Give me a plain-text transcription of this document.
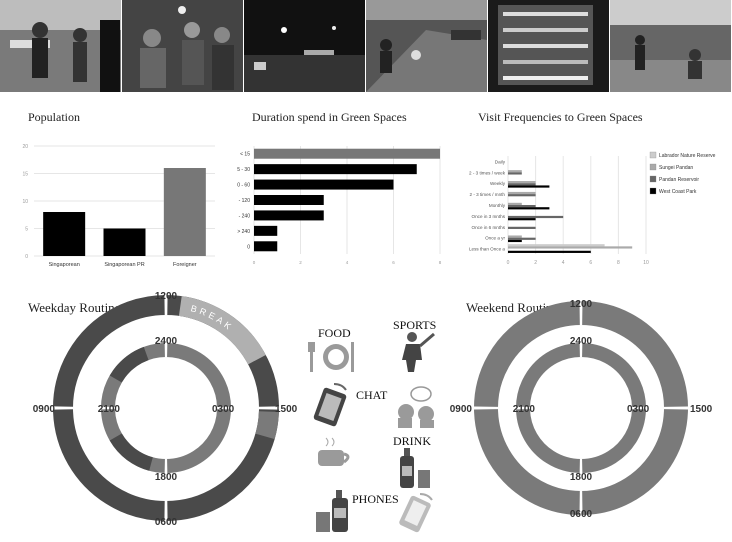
Population	Duration spend in Green Spaces	Visit Frequencies to Green Spaces
20
15
10
5
0
Singaporean	Singaporean PR	Foreigner	0	2	4	6	8
< 15
5 - 30
0 - 60
- 120
- 240
> 240
0
0	2	4	6	8	10
Daily
2 - 3 times / week
Weekly
2 - 3 times / mnth
Monthly
Once in 3 mnths
Once in 6 mnths
Once a yr
Less than Once a
Labrador Nature Reserve
Sungei Pandan
Pandan Reservoir
West Coast Park
Weekday Routine	BREAK
1200
0600
2400
1800
1500
0900	0300
2100
Weekend Routine 1200
0600
2400
1800
1500
0900	0300
2100
FOOD
SPORTS
CHAT
DRINK
PHONES
